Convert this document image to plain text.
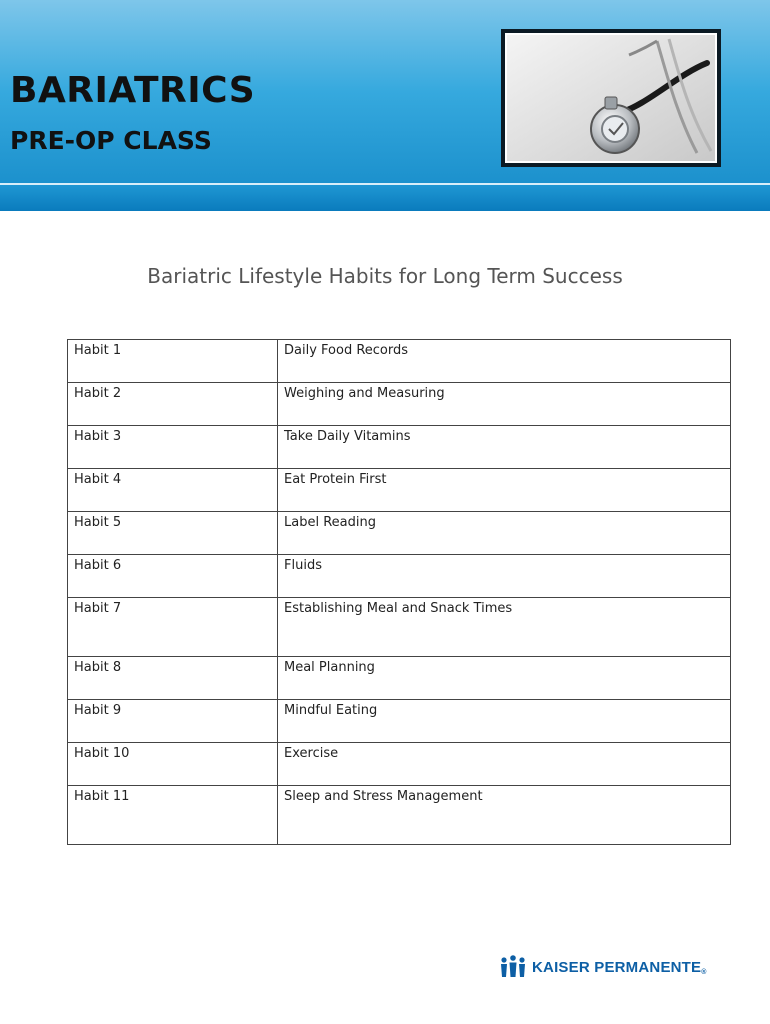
BARIATRICS
PRE-OP CLASS
Bariatric Lifestyle Habits for Long Term Success
Habit 1	Daily Food Records
Habit 2	Weighing and Measuring
Habit 3	Take Daily Vitamins
Habit 4	Eat Protein First
Habit 5	Label Reading
Habit 6	Fluids
Habit 7	Establishing Meal and Snack Times
Habit 8	Meal Planning
Habit 9	Mindful Eating
Habit 10	Exercise
Habit 11	Sleep and Stress Management
KAISER PERMANENTE®
